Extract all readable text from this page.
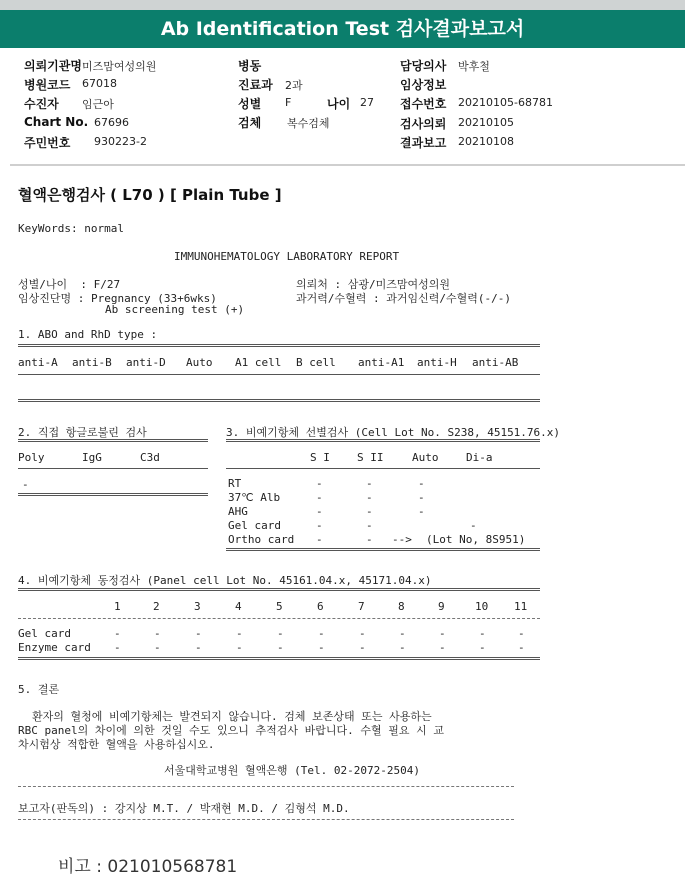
Ab Identification Test 검사결과보고서
의뢰기관명 미즈맘여성의원
병원코드 67018
수진자 임근아
Chart No. 67696
주민번호 930223-2
병동
진료과 2과
성별 F	나이 27
검체 복수검체
담당의사 박후철
임상정보
접수번호 20210105-68781
검사의뢰 20210105
결과보고 20210108
혈액은행검사 ( L70 ) [ Plain Tube ]
KeyWords: normal
IMMUNOHEMATOLOGY LABORATORY REPORT
성별/나이  : F/27	의뢰처 : 삼광/미즈맘여성의원
임상진단명 : Pregnancy (33+6wks)	과거력/수혈력 : 과거임신력/수혈력(-/-)
Ab screening test (+)
1. ABO and RhD type :
anti-A anti-B anti-D Auto A1 cell B cell anti-A1 anti-H anti-AB
2. 직접 항글로불린 검사
Poly	IgG	C3d
-
3. 비예기항체 선별검사 (Cell Lot No. S238, 45151.76.x)
S I S II	Auto	Di-a
RT	-	-	-
37℃ Alb	-	-	-
AHG	-	-	-
Gel card	-	-	-
Ortho card -	- --> (Lot No, 8S951)
4. 비예기항체 동정검사 (Panel cell Lot No. 45161.04.x, 45171.04.x)
1	2	3	4	5	6	7	8	9	10 11
Gel card	-	-	-	-	-	-	-	-	-	-	-
Enzyme card -	-	-	-	-	-	-	-	-	-	-
5. 결론
환자의 혈청에 비예기항체는 발견되지 않습니다. 검체 보존상태 또는 사용하는
RBC panel의 차이에 의한 것일 수도 있으니 추적검사 바랍니다. 수혈 필요 시 교
차시험상 적합한 혈액을 사용하십시오.
서울대학교병원 혈액은행 (Tel. 02-2072-2504)
보고자(판독의) : 강지상 M.T. / 박재현 M.D. / 김형석 M.D.
비고 : 021010568781
